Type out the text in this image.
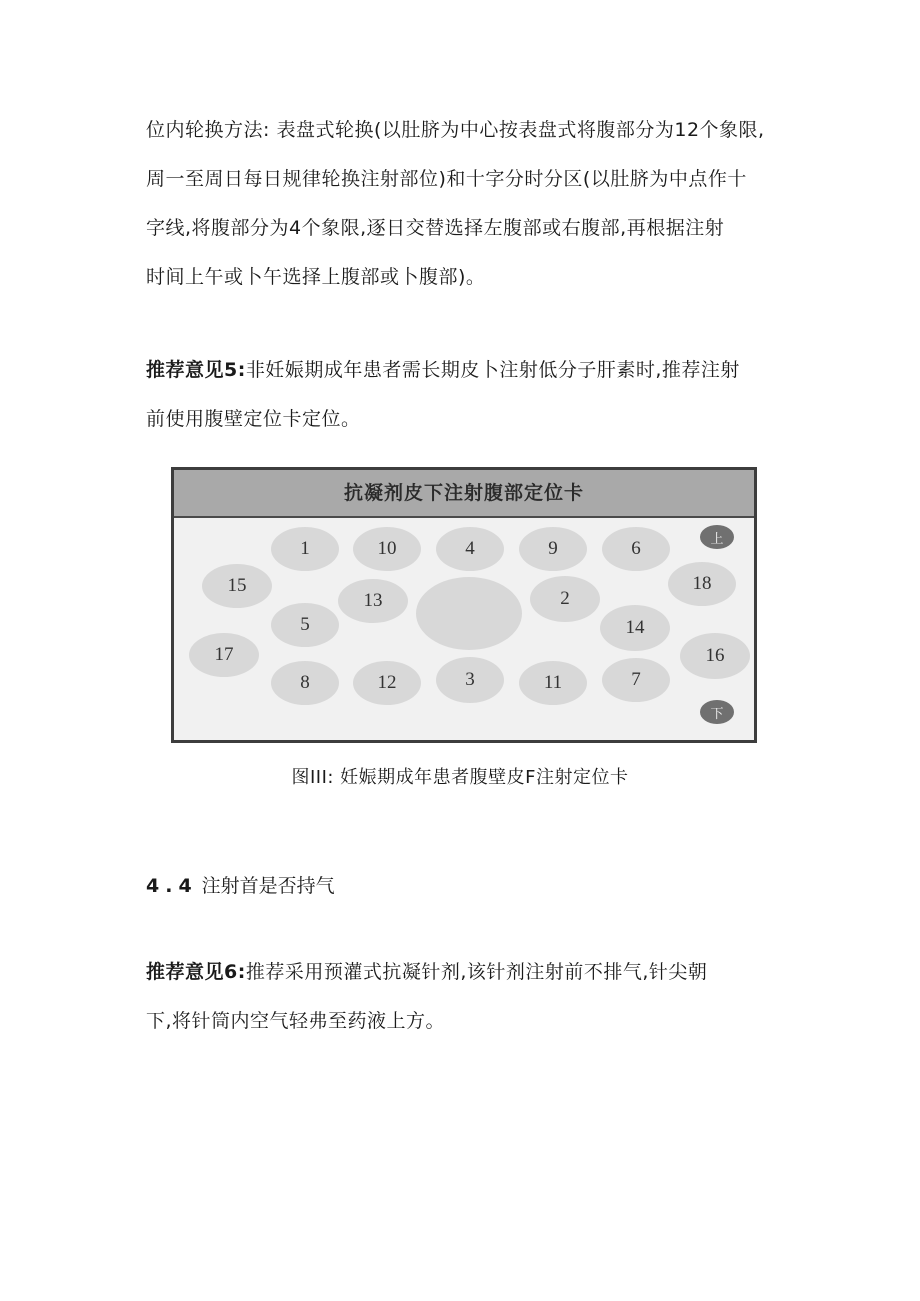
位内轮换方法: 表盘式轮换(以肚脐为中心按表盘式将腹部分为12个象限,
周一至周日每日规律轮换注射部位)和十字分时分区(以肚脐为中点作十
字线,将腹部分为4个象限,逐日交替选择左腹部或右腹部,再根据注射
时间上午或卜午选择上腹部或卜腹部)。
推荐意见5:非妊娠期成年患者需长期皮卜注射低分子肝素时,推荐注射
前使用腹壁定位卡定位。
抗凝剂皮下注射腹部定位卡
1	10	4	9	6
15
13	2
18
5	14
17	16
8	12	3	11	7
上
下
图III: 妊娠期成年患者腹壁皮F注射定位卡
4.4 注射首是否持气
推荐意见6:推荐采用预灌式抗凝针剂,该针剂注射前不排气,针尖朝
下,将针筒内空气轻弗至药液上方。
